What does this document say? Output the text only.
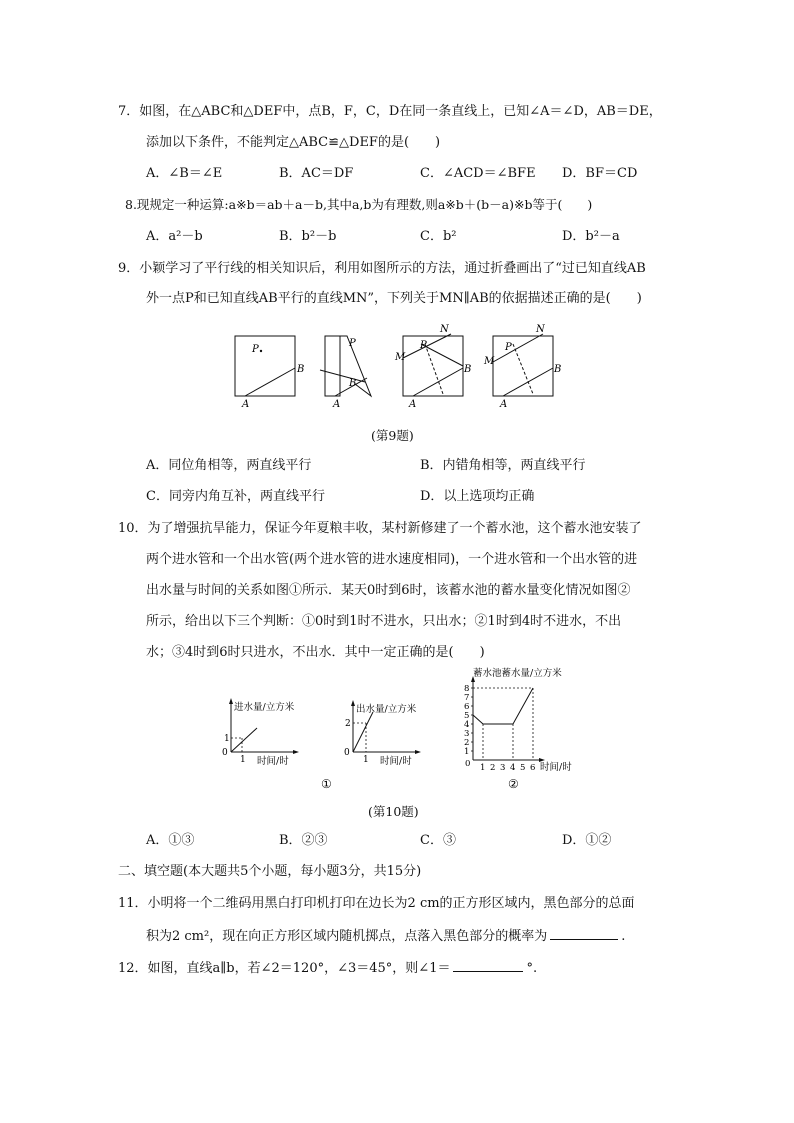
7．如图，在△ABC和△DEF中，点B，F，C，D在同一条直线上，已知∠A＝∠D，AB＝DE，
添加以下条件，不能判定△ABC≌△DEF的是(　　)
A．∠B＝∠E	B．AC＝DF	C．∠ACD＝∠BFE D．BF＝CD
8.现规定一种运算:a※b＝ab＋a－b,其中a,b为有理数,则a※b＋(b－a)※b等于(　　)
A．a²－b	B．b²－b	C．b²	D．b²－a
9．小颖学习了平行线的相关知识后，利用如图所示的方法，通过折叠画出了“过已知直线AB
外一点P和已知直线AB平行的直线MN”，下列关于MN∥AB的依据描述正确的是(　　)
P
B
A
P
B
A
M
N
P
B
A
M
N
P
B
A
(第9题)
A．同位角相等，两直线平行	B．内错角相等，两直线平行
C．同旁内角互补，两直线平行	D．以上选项均正确
10．为了增强抗旱能力，保证今年夏粮丰收，某村新修建了一个蓄水池，这个蓄水池安装了
两个进水管和一个出水管(两个进水管的进水速度相同)，一个进水管和一个出水管的进
出水量与时间的关系如图①所示．某天0时到6时，该蓄水池的蓄水量变化情况如图②
所示，给出以下三个判断：①0时到1时不进水，只出水；②1时到4时不进水，不出
水；③4时到6时只进水，不出水．其中一定正确的是(　　)
进水量/立方米
1
0
1 时间/时
出水量/立方米
2
0
1 时间/时
蓄水池蓄水量/立方米
8
7
6
5
4
3
2
1
0 1 2 3 4 5 6 时间/时
①	②
(第10题)
A．①③	B．②③	C．③	D．①②
二、填空题(本大题共5个小题，每小题3分，共15分)
11．小明将一个二维码用黑白打印机打印在边长为2 cm的正方形区域内，黑色部分的总面
积为2 cm²，现在向正方形区域内随机掷点，点落入黑色部分的概率为	.
12．如图，直线a∥b，若∠2＝120°，∠3＝45°，则∠1＝	°.
